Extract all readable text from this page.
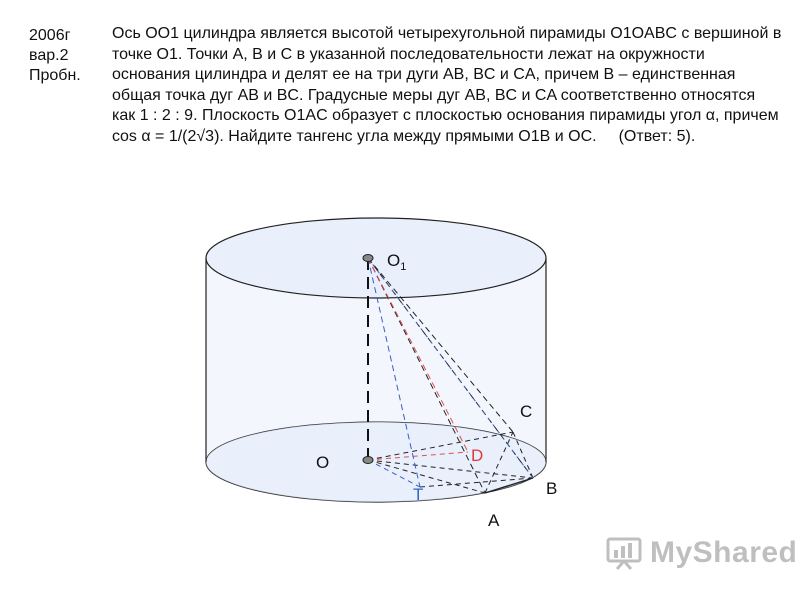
2006г
вар.2
Пробн.

Ось OO1 цилиндра является высотой четырехугольной пирамиды O1OABC с вершиной в точке O1. Точки A, B и C в указанной последовательности лежат на окружности основания цилиндра и делят ее на три дуги AB, BC и CA, причем B – единственная общая точка дуг AB и BC. Градусные меры дуг AB, BC и CA соответственно относятся как 1 : 2 : 9. Плоскость O1AC образует с плоскостью основания пирамиды угол α, причем cos α = 1/(2√3). Найдите тангенс угла между прямыми O1B и OC. (Ответ: 5).

$O_1$
O
C
D
B
T
A
MyShared
